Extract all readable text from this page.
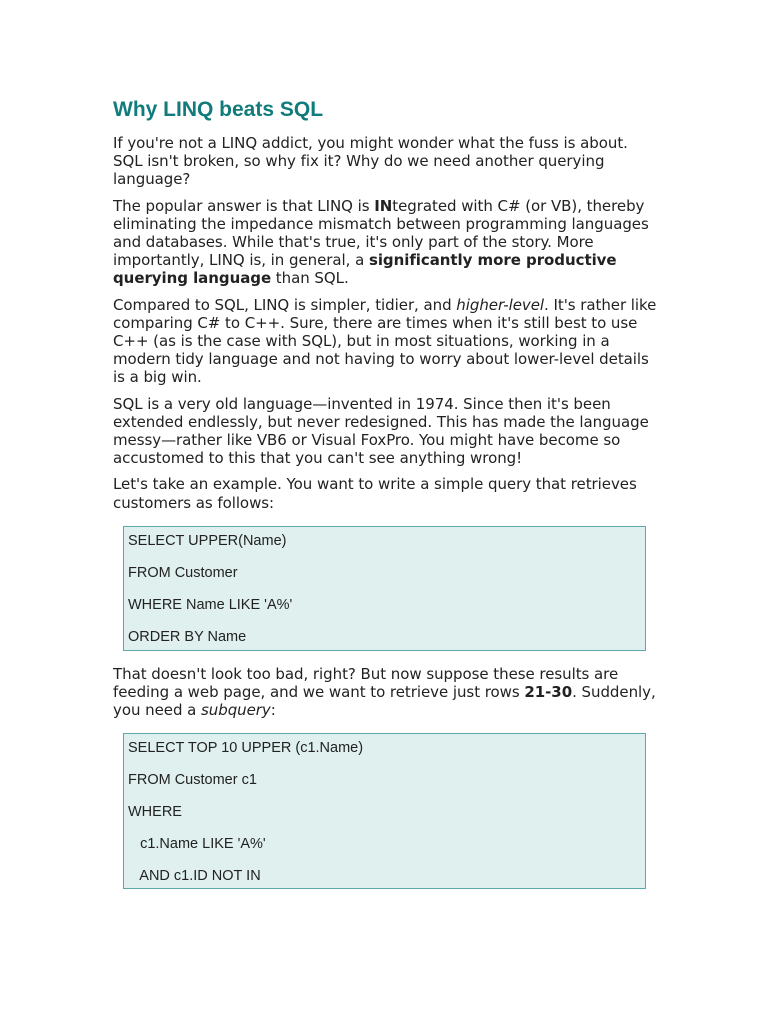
Why LINQ beats SQL

If you're not a LINQ addict, you might wonder what the fuss is about. SQL isn't broken, so why fix it? Why do we need another querying language?

The popular answer is that LINQ is INtegrated with C# (or VB), thereby eliminating the impedance mismatch between programming languages and databases. While that's true, it's only part of the story. More importantly, LINQ is, in general, a significantly more productive querying language than SQL.

Compared to SQL, LINQ is simpler, tidier, and higher-level. It's rather like comparing C# to C++. Sure, there are times when it's still best to use C++ (as is the case with SQL), but in most situations, working in a modern tidy language and not having to worry about lower-level details is a big win.

SQL is a very old language—invented in 1974. Since then it's been extended endlessly, but never redesigned. This has made the language messy—rather like VB6 or Visual FoxPro. You might have become so accustomed to this that you can't see anything wrong!

Let's take an example. You want to write a simple query that retrieves customers as follows:

SELECT UPPER(Name)
FROM Customer
WHERE Name LIKE 'A%'
ORDER BY Name

That doesn't look too bad, right? But now suppose these results are feeding a web page, and we want to retrieve just rows 21-30. Suddenly, you need a subquery:

SELECT TOP 10 UPPER (c1.Name)
FROM Customer c1
WHERE
c1.Name LIKE 'A%'
AND c1.ID NOT IN
